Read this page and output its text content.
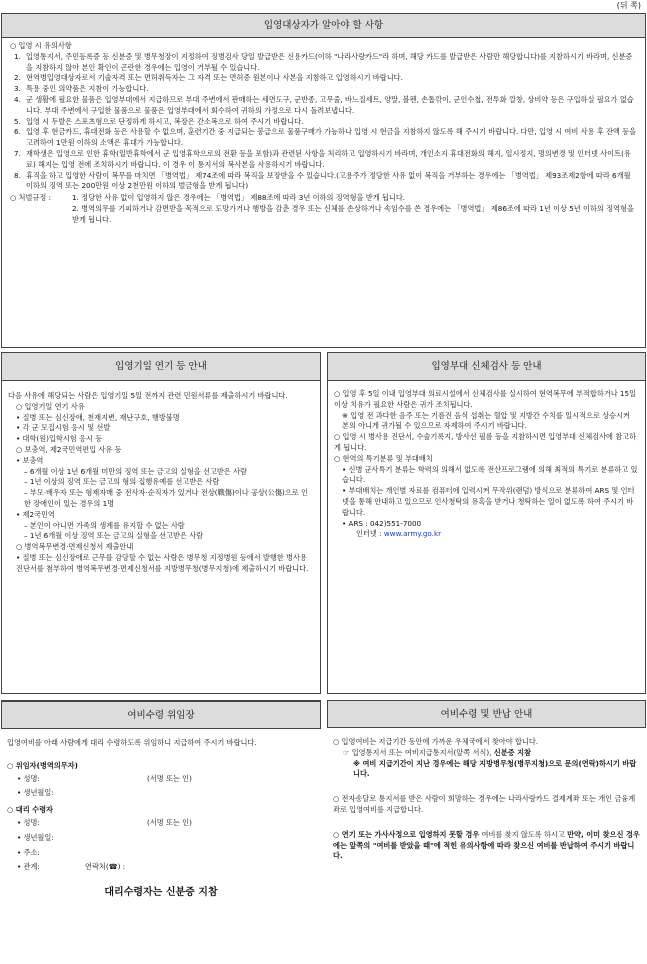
(뒤 쪽)
입영대상자가 알아야 할 사항
○ 입영 시 유의사항
1. 입영통지서, 주민등록증 등 신분증 및 병무청장이 지정하여 징병검사 당일 발급받은 신용카드(이하 "나라사랑카드"라 하며, 해당 카드를 발급받은 사람만 해당합니다)를 지참하시기 바라며, 신분증을 지참하지 않아 본인 확인이 곤란한 경우에는 입영이 거부될 수 있습니다.
2. 현역병입영대상자로서 기술자격 또는 면허취득자는 그 자격 또는 면허증 원본이나 사본을 지참하고 입영하시기 바랍니다.
3. 특용 중인 의약품은 지참이 가능합니다.
4. 군 생활에 필요한 물품은 입영부대에서 지급하므로 부대 주변에서 판매하는 세면도구, 군반종, 고무줄, 바느질세트, 양말, 볼펜, 손톱깎이, 군인수첩, 전투화 깔창, 상비약 등은 구입하실 필요가 없습니다. 부대 주변에서 구입한 물품으로 물품은 입영부대에서 회수하여 귀하의 가정으로 다시 돌려보냅니다.
5. 입영 시 두발은 스포츠형으로 단정하게 하시고, 복장은 간소복으로 하여 주시기 바랍니다.
6. 입영 후 현금카드, 휴대전화 등은 사용할 수 없으며, 훈련기간 중 지급되는 봉급으로 물품구매가 가능하나 입영 시 현금을 지참하지 않도록 해 주시기 바랍니다. 다만, 입영 시 여비 사용 후 잔액 등을 고려하여 1만원 이하의 소액은 휴대가 가능합니다.
7. 재학생은 입영으로 인한 휴학(일반휴학에서 군 입영휴학으로의 전환 등을 포함)과 관련된 사항을 처리하고 입영하시기 바라며, 개인소지 휴대전화의 해지, 일시정지, 명의변경 및 인터넷 사이트(유료) 해지는 입영 전에 조치하시기 바랍니다. 이 경우 이 통지서의 복사본을 사용하시기 바랍니다.
8. 휴직을 하고 입영한 사람이 복무를 마치면 「병역법」 제74조에 따라 복직을 보장받을 수 있습니다.(고용주가 정당한 사유 없이 복직을 거부하는 경우에는 「병역법」 제93조제2항에 따라 6개월 이하의 징역 또는 200만원 이상 2천만원 이하의 벌금형을 받게 됩니다)
○ 처벌규정 :	1. 정당한 사유 없이 입영하지 않은 경우에는 「병역법」 제88조에 따라 3년 이하의 징역형을 받게 됩니다.
2. 병역의무를 기피하거나 감면받을 목적으로 도망가거나 행방을 감춘 경우 또는 신체를 손상하거나 속임수를 쓴 경우에는 「병역법」 제86조에 따라 1년 이상 5년 이하의 징역형을 받게 됩니다.
입영기일 연기 등 안내
다음 사유에 해당되는 사람은 입영기일 5일 전까지 관련 민원서류를 제출하시기 바랍니다.
○ 입영기일 연기 사유
• 질병 또는 심신장애, 천재지변, 재난구호, 행방불명
• 각 군 모집시험 응시 및 선발
• 대학(원)입학시험 응시 등
○ 보충역, 제2국민역편입 사유 등
• 보충역
– 6개월 이상 1년 6개월 미만의 징역 또는 금고의 실형을 선고받은 사람
– 1년 이상의 징역 또는 금고의 형의 집행유예를 선고받은 사람
– 부모·배우자 또는 형제자매 중 전사자·순직자가 있거나 전상(戰傷)이나 공상(公傷)으로 인한 장애인이 있는 경우의 1명
• 제2국민역
– 본인이 아니면 가족의 생계를 유지할 수 없는 사람
– 1년 6개월 이상 징역 또는 금고의 실형을 선고받은 사람
○ 병역복무변경·면제신청서 제출안내
• 질병 또는 심신장애로 근무를 감당할 수 없는 사람은 병무청 지정병원 등에서 발행한 병사용 진단서를 첨부하여 병역복무변경·면제신청서를 지방병무청(병무지청)에 제출하시기 바랍니다.
입영부대 신체검사 등 안내
○ 입영 후 5일 이내 입영부대 의료시설에서 신체검사를 실시하여 현역복무에 부적합하거나 15일 이상 치유가 필요한 사람은 귀가 조치됩니다.
※ 입영 전 과다한 음주 또는 기름진 음식 섭취는 혈압 및 지방간 수치를 일시적으로 상승시켜 본의 아니게 귀가될 수 있으므로 자제하여 주시기 바랍니다.
○ 입영 시 병사용 진단서, 수술기록지, 방사선 필름 등을 지참하시면 입영부대 신체검사에 참고하게 됩니다.
○ 현역의 특기분류 및 부대배치
• 신병 군사특기 분류는 학력의 의해서 없도록 전산프로그램에 의해 최적의 특기로 분류하고 있습니다.
• 부대배치는 개인별 자료를 컴퓨터에 입력시켜 무작위(랜덤) 방식으로 분류하여 ARS 및 인터넷을 통해 안내하고 있으므로 인사청탁의 유혹을 받거나 청탁하는 일이 없도록 하여 주시기 바랍니다.
• ARS : 042)551-7000
인터넷 : www.army.go.kr
여비수령 위임장
입영여비를 아래 사람에게 대리 수령하도록 위임하니 지급하여 주시기 바랍니다.
○ 위임자(병역의무자)
• 성명:	(서명 또는 인)
• 생년월일:
○ 대리 수령자
• 성명:	(서명 또는 인)
• 생년월일:
• 주소:
• 관계:	연락처(☎) :
대리수령자는 신분증 지참
여비수령 및 반납 안내
○ 입영여비는 지급기간 동안에 가까운 우체국에서 찾아야 합니다.
☞ 입영통지서 또는 여비지급통지서(앞쪽 서식), 신분증 지참
※ 여비 지급기간이 지난 경우에는 해당 지방병무청(병무지청)으로 문의(연락)하시기 바랍니다.
○ 전자송달로 통지서를 받은 사람이 희망하는 경우에는 나라사랑카드 결제계좌 또는 개인 금융계좌로 입영여비를 지급합니다.
○ 연기 또는 가사사정으로 입영하지 못할 경우 여비를 찾지 않도록 하시고 만약, 이미 찾으신 경우에는 앞쪽의 "여비를 받았을 때"에 적힌 유의사항에 따라 찾으신 여비를 반납하여 주시기 바랍니다.
